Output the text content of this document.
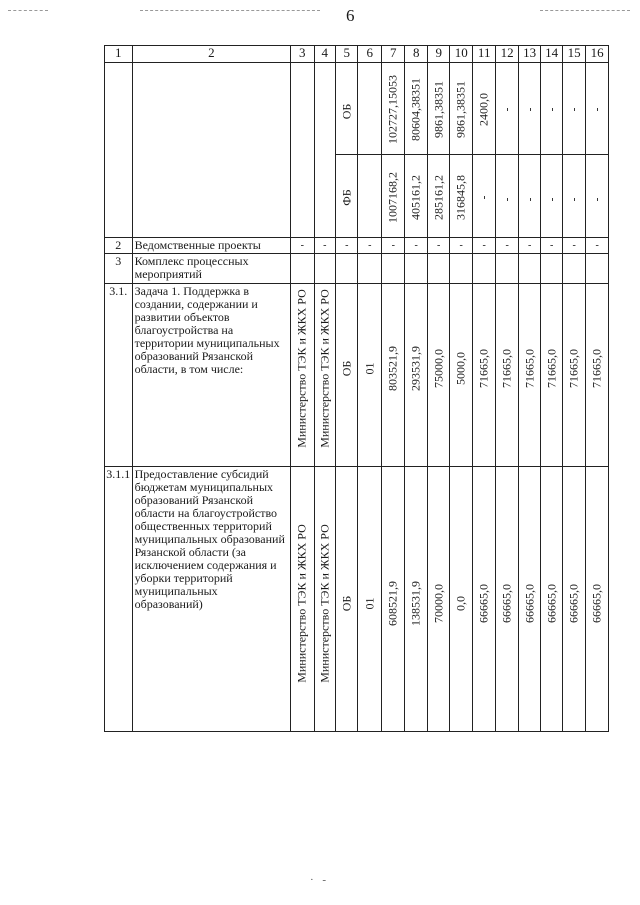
6
1	2	3	4	5	6	7	8	9	10	11	12	13	14	15	16

				ОБ		102727,15053	80604,38351	9861,38351	9861,38351	2400,0	-	-	-	-	-

				ФБ		1007168,2	405161,2	285161,2	316845,8	-	-	-	-	-	-

2	Ведомственные проекты	-	-	-	-	-	-	-	-	-	-	-	-	-	-
3	Комплекс процессных мероприятий														
3.1.	Задача 1. Поддержка в создании, содержании и развитии объектов благоустройства на территории муниципальных образований Рязанской области, в том числе:	Министерство ТЭК и ЖКХ РО	Министерство ТЭК и ЖКХ РО	ОБ	01	803521,9	293531,9	75000,0	5000,0	71665,0	71665,0	71665,0	71665,0	71665,0	71665,0

3.1.1	Предоставление субсидий бюджетам муниципальных образований Рязанской области на благоустройство общественных территорий муниципальных образований Рязанской области (за исключением содержания и уборки территорий муниципальных образований)	Министерство ТЭК и ЖКХ РО	Министерство ТЭК и ЖКХ РО	ОБ	01	608521,9	138531,9	70000,0	0,0	66665,0	66665,0	66665,0	66665,0	66665,0	66665,0
· -
